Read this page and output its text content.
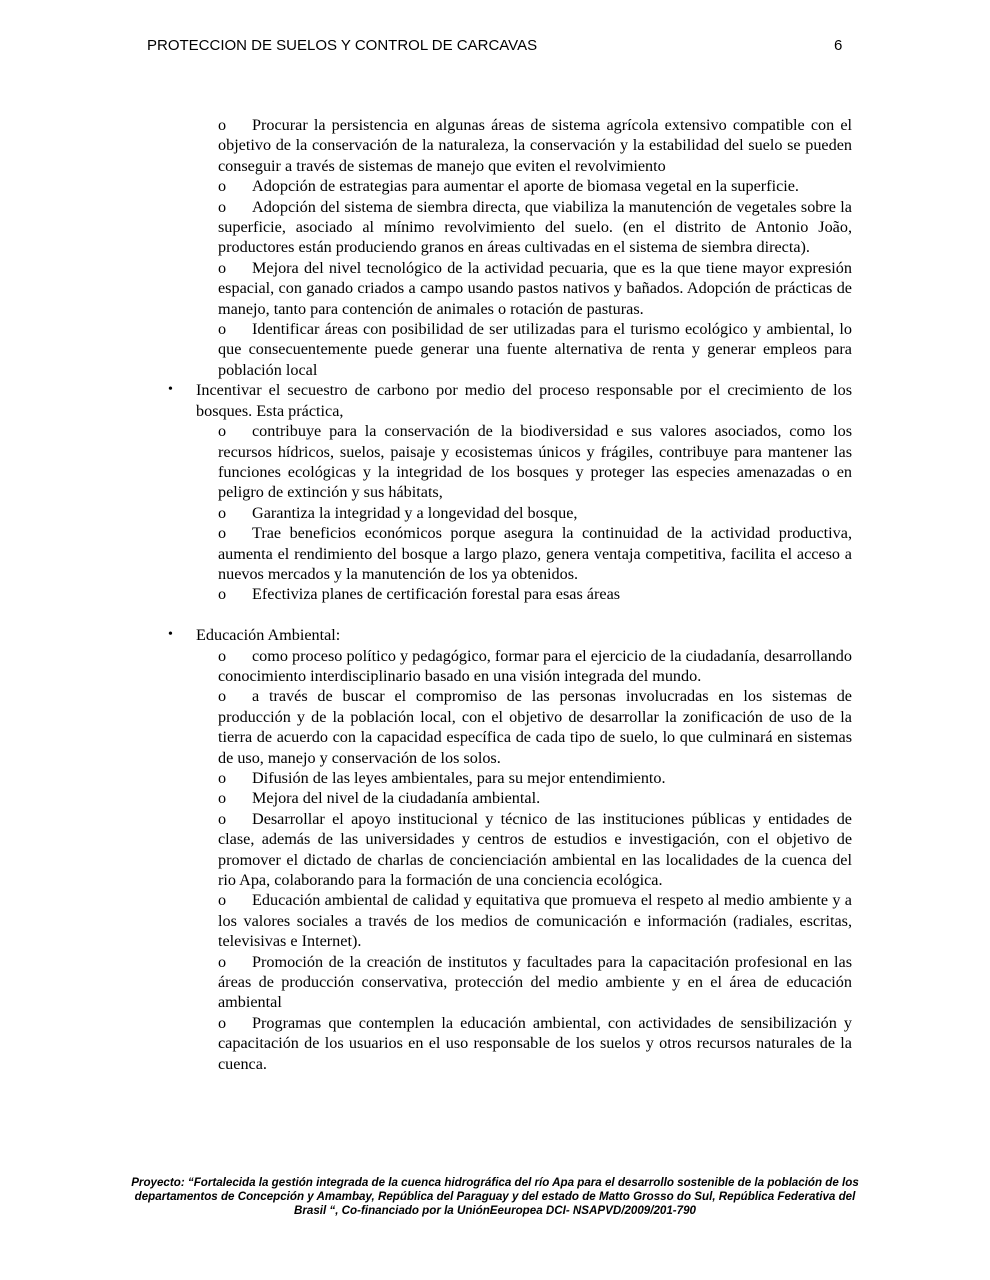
PROTECCION DE SUELOS Y CONTROL DE CARCAVAS	6
o Procurar la persistencia en algunas áreas de sistema agrícola extensivo compatible con el objetivo de la conservación de la naturaleza, la conservación y la estabilidad del suelo se pueden conseguir a través de sistemas de manejo que eviten el revolvimiento
o Adopción de estrategias para aumentar el aporte de biomasa vegetal en la superficie.
o Adopción del sistema de siembra directa, que viabiliza la manutención de vegetales sobre la superficie, asociado al mínimo revolvimiento del suelo. (en el distrito de Antonio João, productores están produciendo granos en áreas cultivadas en el sistema de siembra directa).
o Mejora del nivel tecnológico de la actividad pecuaria, que es la que tiene mayor expresión espacial, con ganado criados a campo usando pastos nativos y bañados. Adopción de prácticas de manejo, tanto para contención de animales o rotación de pasturas.
o Identificar áreas con posibilidad de ser utilizadas para el turismo ecológico y ambiental, lo que consecuentemente puede generar una fuente alternativa de renta y generar empleos para población local
•	Incentivar el secuestro de carbono por medio del proceso responsable por el crecimiento de los bosques. Esta práctica,

o contribuye para la conservación de la biodiversidad e sus valores asociados, como los recursos hídricos, suelos, paisaje y ecosistemas únicos y frágiles, contribuye para mantener las funciones ecológicas y la integridad de los bosques y proteger las especies amenazadas o en peligro de extinción y sus hábitats,
o Garantiza la integridad y a longevidad del bosque,
o Trae beneficios económicos porque asegura la continuidad de la actividad productiva, aumenta el rendimiento del bosque a largo plazo, genera ventaja competitiva, facilita el acceso a nuevos mercados y la manutención de los ya obtenidos.
o Efectiviza planes de certificación forestal para esas áreas
•	Educación Ambiental:

o como proceso político y pedagógico, formar para el ejercicio de la ciudadanía, desarrollando conocimiento interdisciplinario basado en una visión integrada del mundo.
o a través de buscar el compromiso de las personas involucradas en los sistemas de producción y de la población local, con el objetivo de desarrollar la zonificación de uso de la tierra de acuerdo con la capacidad específica de cada tipo de suelo, lo que culminará en sistemas de uso, manejo y conservación de los solos.
o Difusión de las leyes ambientales, para su mejor entendimiento.
o Mejora del nivel de la ciudadanía ambiental.
o Desarrollar el apoyo institucional y técnico de las instituciones públicas y entidades de clase, además de las universidades y centros de estudios e investigación, con el objetivo de promover el dictado de charlas de concienciación ambiental en las localidades de la cuenca del rio Apa, colaborando para la formación de una conciencia ecológica.
o Educación ambiental de calidad y equitativa que promueva el respeto al medio ambiente y a los valores sociales a través de los medios de comunicación e información (radiales, escritas, televisivas e Internet).
o Promoción de la creación de institutos y facultades para la capacitación profesional en las áreas de producción conservativa, protección del medio ambiente y en el área de educación ambiental
o Programas que contemplen la educación ambiental, con actividades de sensibilización y capacitación de los usuarios en el uso responsable de los suelos y otros recursos naturales de la cuenca.
Proyecto: “Fortalecida la gestión integrada de la cuenca hidrográfica del río Apa para el desarrollo sostenible de la población de los departamentos de Concepción y Amambay, República del Paraguay y del estado de Matto Grosso do Sul, República Federativa del Brasil “, Co-financiado por la UniónEeuropea DCI- NSAPVD/2009/201-790
